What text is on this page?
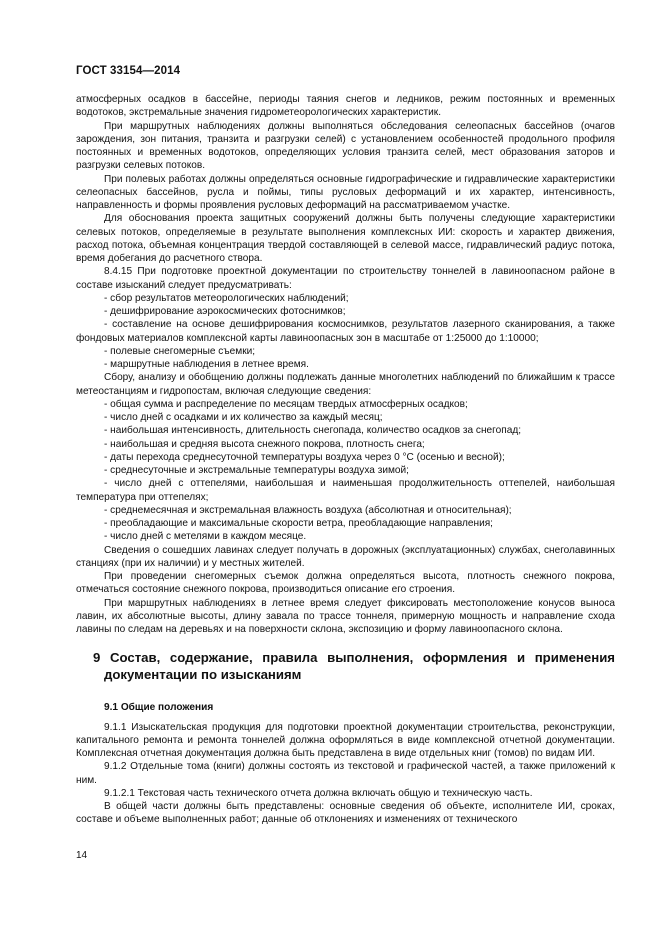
ГОСТ 33154—2014

атмосферных осадков в бассейне, периоды таяния снегов и ледников, режим постоянных и временных водотоков, экстремальные значения гидрометеорологических характеристик.

При маршрутных наблюдениях должны выполняться обследования селеопасных бассейнов (очагов зарождения, зон питания, транзита и разгрузки селей) с установлением особенностей продольного профиля постоянных и временных водотоков, определяющих условия транзита селей, мест образования заторов и разгрузки селевых потоков.

При полевых работах должны определяться основные гидрографические и гидравлические характеристики селеопасных бассейнов, русла и поймы, типы русловых деформаций и их характер, интенсивность, направленность и формы проявления русловых деформаций на рассматриваемом участке.

Для обоснования проекта защитных сооружений должны быть получены следующие характеристики селевых потоков, определяемые в результате выполнения комплексных ИИ: скорость и характер движения, расход потока, объемная концентрация твердой составляющей в селевой массе, гидравлический радиус потока, время добегания до расчетного створа.

8.4.15 При подготовке проектной документации по строительству тоннелей в лавиноопасном районе в составе изысканий следует предусматривать:

- сбор результатов метеорологических наблюдений;

- дешифрирование аэрокосмических фотоснимков;

- составление на основе дешифрирования космоснимков, результатов лазерного сканирования, а также фондовых материалов комплексной карты лавиноопасных зон в масштабе от 1:25000 до 1:10000;

- полевые снегомерные съемки;

- маршрутные наблюдения в летнее время.

Сбору, анализу и обобщению должны подлежать данные многолетних наблюдений по ближайшим к трассе метеостанциям и гидропостам, включая следующие сведения:

- общая сумма и распределение по месяцам твердых атмосферных осадков;

- число дней с осадками и их количество за каждый месяц;

- наибольшая интенсивность, длительность снегопада, количество осадков за снегопад;

- наибольшая и средняя высота снежного покрова, плотность снега;

- даты перехода среднесуточной температуры воздуха через 0 °С (осенью и весной);

- среднесуточные и экстремальные температуры воздуха зимой;

- число дней с оттепелями, наибольшая и наименьшая продолжительность оттепелей, наибольшая температура при оттепелях;

- среднемесячная и экстремальная влажность воздуха (абсолютная и относительная);

- преобладающие и максимальные скорости ветра, преобладающие направления;

- число дней с метелями в каждом месяце.

Сведения о сошедших лавинах следует получать в дорожных (эксплуатационных) службах, снеголавинных станциях (при их наличии) и у местных жителей.

При проведении снегомерных съемок должна определяться высота, плотность снежного покрова, отмечаться состояние снежного покрова, производиться описание его строения.

При маршрутных наблюдениях в летнее время следует фиксировать местоположение конусов выноса лавин, их абсолютные высоты, длину завала по трассе тоннеля, примерную мощность и направление схода лавины по следам на деревьях и на поверхности склона, экспозицию и форму лавиноопасного склона.

9 Состав, содержание, правила выполнения, оформления и применения документации по изысканиям

9.1 Общие положения

9.1.1 Изыскательская продукция для подготовки проектной документации строительства, реконструкции, капитального ремонта и ремонта тоннелей должна оформляться в виде комплексной отчетной документации. Комплексная отчетная документация должна быть представлена в виде отдельных книг (томов) по видам ИИ.

9.1.2 Отдельные тома (книги) должны состоять из текстовой и графической частей, а также приложений к ним.

9.1.2.1 Текстовая часть технического отчета должна включать общую и техническую часть.

В общей части должны быть представлены: основные сведения об объекте, исполнителе ИИ, сроках, составе и объеме выполненных работ; данные об отклонениях и изменениях от технического

14
